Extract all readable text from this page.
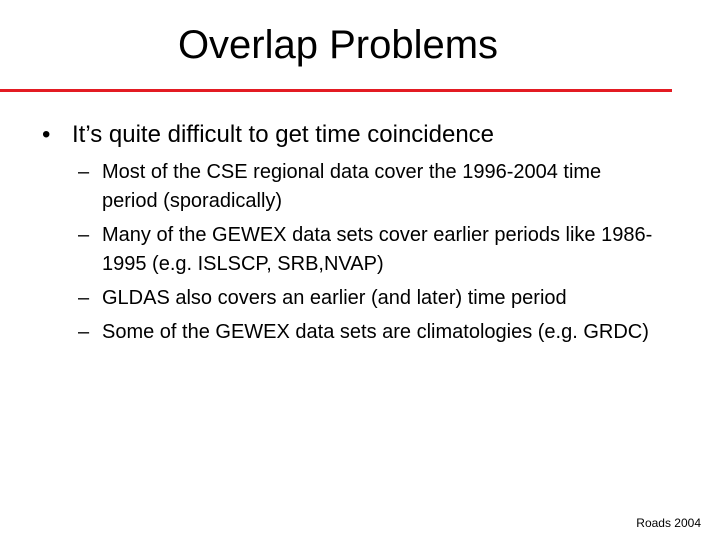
Overlap Problems
• It’s quite difficult to get time coincidence
– Most of the CSE regional data cover the 1996-2004 time period (sporadically)
– Many of the GEWEX data sets cover earlier periods like 1986-1995 (e.g. ISLSCP, SRB,NVAP)
– GLDAS also covers an earlier (and later) time period
– Some of the GEWEX data sets are climatologies (e.g. GRDC)
Roads 2004
